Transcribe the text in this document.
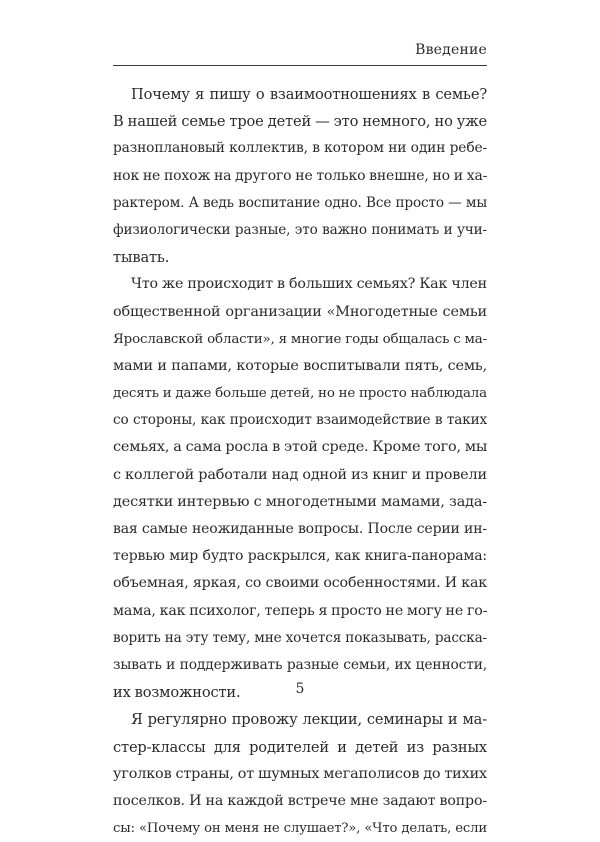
Введение
Почему я пишу о взаимоотношениях в семье?
В нашей семье трое детей — это немного, но уже
разноплановый коллектив, в котором ни один ребе-
нок не похож на другого не только внешне, но и ха-
рактером. А ведь воспитание одно. Все просто — мы
физиологически разные, это важно понимать и учи-
тывать.
Что же происходит в больших семьях? Как член
общественной организации «Многодетные семьи
Ярославской области», я многие годы общалась с ма-
мами и папами, которые воспитывали пять, семь,
десять и даже больше детей, но не просто наблюдала
со стороны, как происходит взаимодействие в таких
семьях, а сама росла в этой среде. Кроме того, мы
с коллегой работали над одной из книг и провели
десятки интервью с многодетными мамами, зада-
вая самые неожиданные вопросы. После серии ин-
тервью мир будто раскрылся, как книга-панорама:
объемная, яркая, со своими особенностями. И как
мама, как психолог, теперь я просто не могу не го-
ворить на эту тему, мне хочется показывать, расска-
зывать и поддерживать разные семьи, их ценности,
их возможности.
Я регулярно провожу лекции, семинары и ма-
стер-классы для родителей и детей из разных
уголков страны, от шумных мегаполисов до тихих
поселков. И на каждой встрече мне задают вопро-
сы: «Почему он меня не слушает?», «Что делать, если
5
